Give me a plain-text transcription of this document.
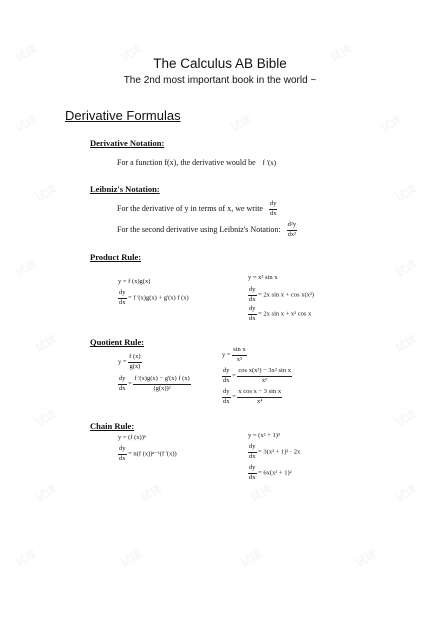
试读	试读	试读
试读	试读	试读
试读	试读
试读	试读
试读	试读
试读	试读
试读	试读	试读	试读
试读	试读	试读	试读
The Calculus AB Bible
The 2nd most important book in the world ~
Derivative Formulas
Derivative Notation:
For a function f(x), the derivative would be f '(x)
Leibniz's Notation:
For the derivative of y in terms of x, we write $\frac{dy}{dx}$
For the second derivative using Leibniz's Notation: $\frac{\text{d²y}}{\text{dx²}}$
Product Rule:
y = f (x)g(x)
$\frac{dy}{dx} = f$ '(x)g(x) + g'(x) f (x)
y = x² sin x
$\frac{dy}{dx} = 2x$ sin x + cos x(x²)
$\frac{dy}{dx} = 2x$ sin x + x² cos x
Quotient Rule:
$y = \frac{f (x)}{g(x)}$
$\frac{dy}{dx} = \frac{f '(x)g(x) - g'(x) f (x)}{\text{(g(x))²}}$
$y = \frac{\text{sin x}}{\text{x³}}$
$\frac{dy}{dx} = \frac{\text{cos x(x³) − 3x² sin x}}{\text{x⁶}}$
$\frac{dy}{dx} = \frac{\text{x cos x − 3 sin x}}{\text{x⁴}}$
Chain Rule:
y = (f (x))ⁿ
$\frac{dy}{dx} = n(f$ (x))ⁿ⁻¹(f '(x))
y = (x² + 1)³
$\frac{dy}{dx} = 3(x^2 + 1)^2 \cdot 2x$
$\frac{dy}{dx} = 6x(x^2 + 1)^2$
